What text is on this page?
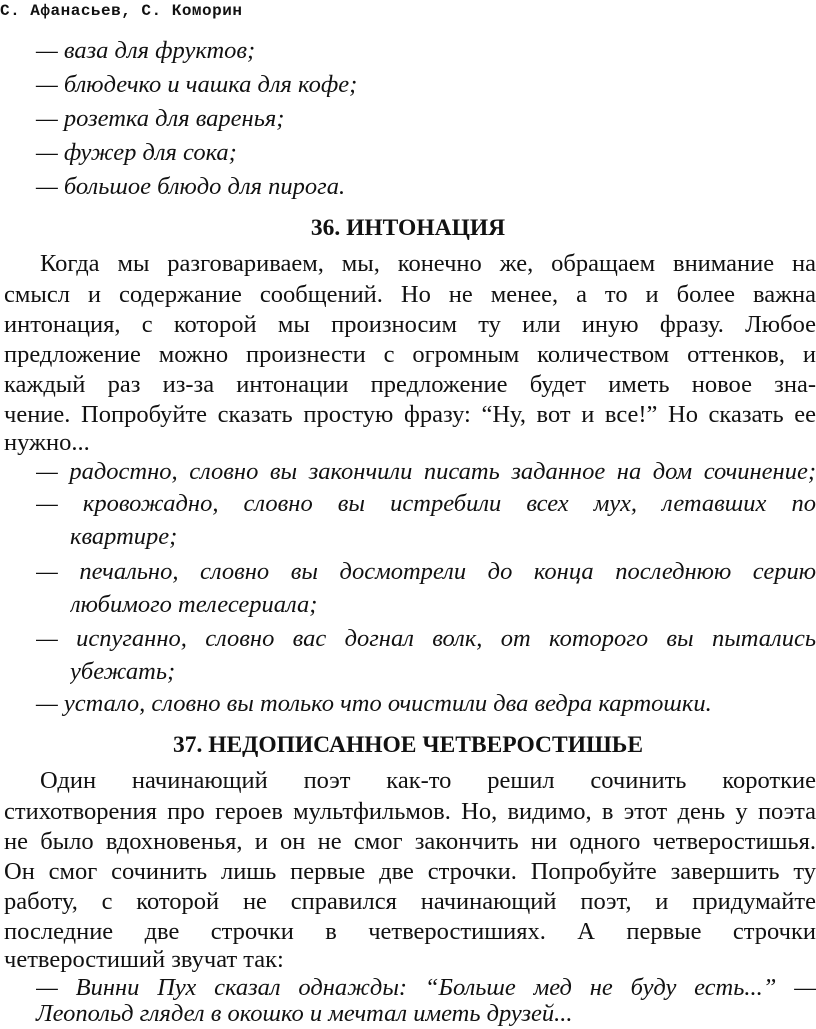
С. Афанасьев, С. Коморин
— ваза для фруктов;
— блюдечко и чашка для кофе;
— розетка для варенья;
— фужер для сока;
— большое блюдо для пирога.
36. ИНТОНАЦИЯ
Когда мы разговариваем, мы, конечно же, обращаем внимание на
смысл и содержание сообщений. Но не менее, а то и более важна
интонация, с которой мы произносим ту или иную фразу. Любое
предложение можно произнести с огромным количеством оттенков, и
каждый раз из-за интонации предложение будет иметь новое зна-
чение. Попробуйте сказать простую фразу: “Ну, вот и все!” Но сказать ее
нужно...
— радостно, словно вы закончили писать заданное на дом сочинение;
— кровожадно, словно вы истребили всех мух, летавших по
квартире;
— печально, словно вы досмотрели до конца последнюю серию
любимого телесериала;
— испуганно, словно вас догнал волк, от которого вы пытались
убежать;
— устало, словно вы только что очистили два ведра картошки.
37. НЕДОПИСАННОЕ ЧЕТВЕРОСТИШЬЕ
Один начинающий поэт как-то решил сочинить короткие
стихотворения про героев мультфильмов. Но, видимо, в этот день у поэта
не было вдохновенья, и он не смог закончить ни одного четверостишья.
Он смог сочинить лишь первые две строчки. Попробуйте завершить ту
работу, с которой не справился начинающий поэт, и придумайте
последние две строчки в четверостишиях. А первые строчки
четверостиший звучат так:
— Винни Пух сказал однажды: “Больше мед не буду есть...” —
Леопольд глядел в окошко и мечтал иметь друзей...
